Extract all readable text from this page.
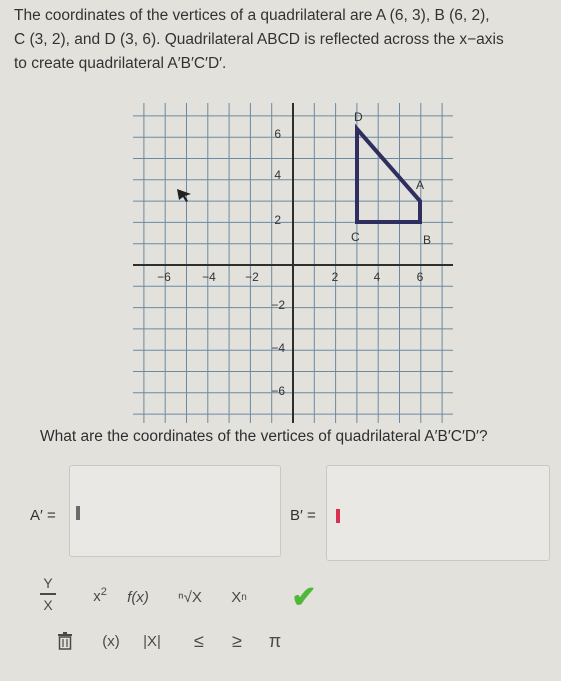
The coordinates of the vertices of a quadrilateral are A (6, 3), B (6, 2),
C (3, 2), and D (3, 6). Quadrilateral ABCD is reflected across the x−axis
to create quadrilateral A′B′C′D′.
6
4
2
−2
−4
−6
−6	−4 −2	2	4	6
D
A
C	B
What are the coordinates of the vertices of quadrilateral A′B′C′D′?
A′ =	B′ =
$\frac{Y}{X} x^2$	f(x)	ⁿ√X	X n ✔
(x)	|X|	≤	≥	π
